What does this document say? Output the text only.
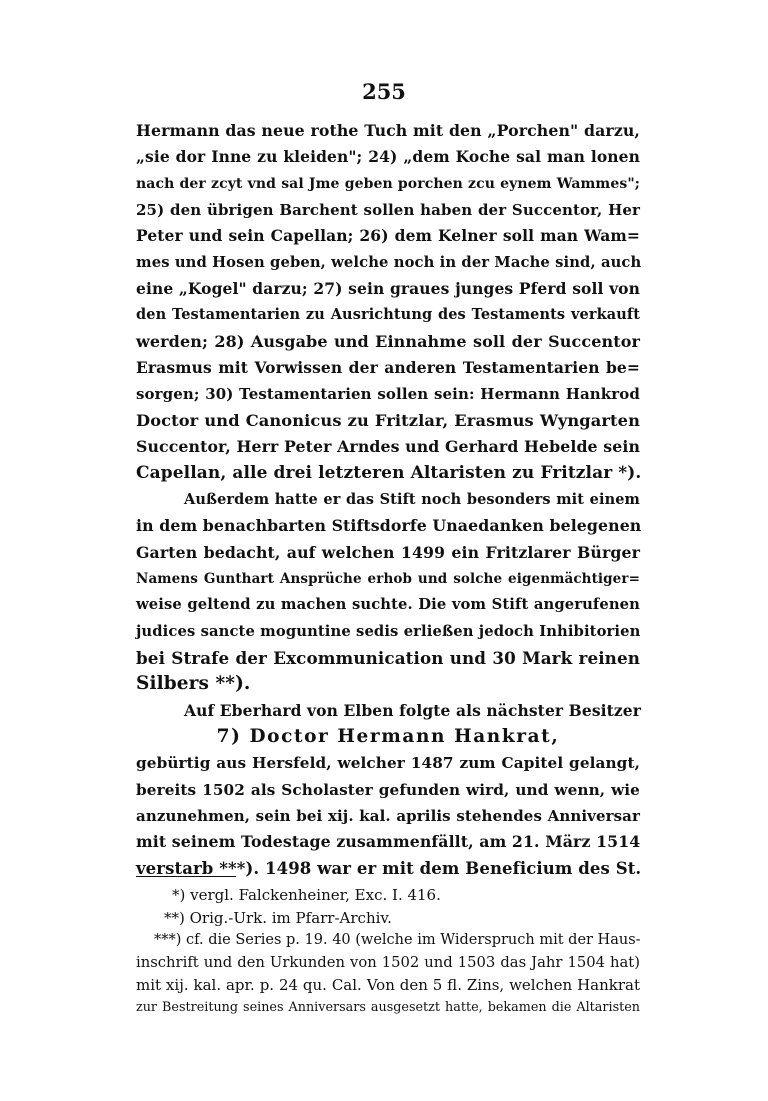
255
Hermann das neue rothe Tuch mit den „Porchen" darzu,
„sie dor Inne zu kleiden"; 24) „dem Koche sal man lonen
nach der zcyt vnd sal Jme geben porchen zcu eynem Wammes";
25) den übrigen Barchent sollen haben der Succentor, Her
Peter und sein Capellan; 26) dem Kelner soll man Wam=
mes und Hosen geben, welche noch in der Mache sind, auch
eine „Kogel" darzu; 27) sein graues junges Pferd soll von
den Testamentarien zu Ausrichtung des Testaments verkauft
werden; 28) Ausgabe und Einnahme soll der Succentor
Erasmus mit Vorwissen der anderen Testamentarien be=
sorgen; 30) Testamentarien sollen sein: Hermann Hankrod
Doctor und Canonicus zu Fritzlar, Erasmus Wyngarten
Succentor, Herr Peter Arndes und Gerhard Hebelde sein
Capellan, alle drei letzteren Altaristen zu Fritzlar *).
Außerdem hatte er das Stift noch besonders mit einem
in dem benachbarten Stiftsdorfe Unaedanken belegenen
Garten bedacht, auf welchen 1499 ein Fritzlarer Bürger
Namens Gunthart Ansprüche erhob und solche eigenmächtiger=
weise geltend zu machen suchte. Die vom Stift angerufenen
judices sancte moguntine sedis erließen jedoch Inhibitorien
bei Strafe der Excommunication und 30 Mark reinen
Silbers **).
Auf Eberhard von Elben folgte als nächster Besitzer
7) Doctor Hermann Hankrat,
gebürtig aus Hersfeld, welcher 1487 zum Capitel gelangt,
bereits 1502 als Scholaster gefunden wird, und wenn, wie
anzunehmen, sein bei xij. kal. aprilis stehendes Anniversar
mit seinem Todestage zusammenfällt, am 21. März 1514
verstarb ***). 1498 war er mit dem Beneficium des St.
*) vergl. Falckenheiner, Exc. I. 416.
**) Orig.-Urk. im Pfarr-Archiv.
***) cf. die Series p. 19. 40 (welche im Widerspruch mit der Haus-
inschrift und den Urkunden von 1502 und 1503 das Jahr 1504 hat)
mit xij. kal. apr. p. 24 qu. Cal. Von den 5 fl. Zins, welchen Hankrat
zur Bestreitung seines Anniversars ausgesetzt hatte, bekamen die Altaristen
